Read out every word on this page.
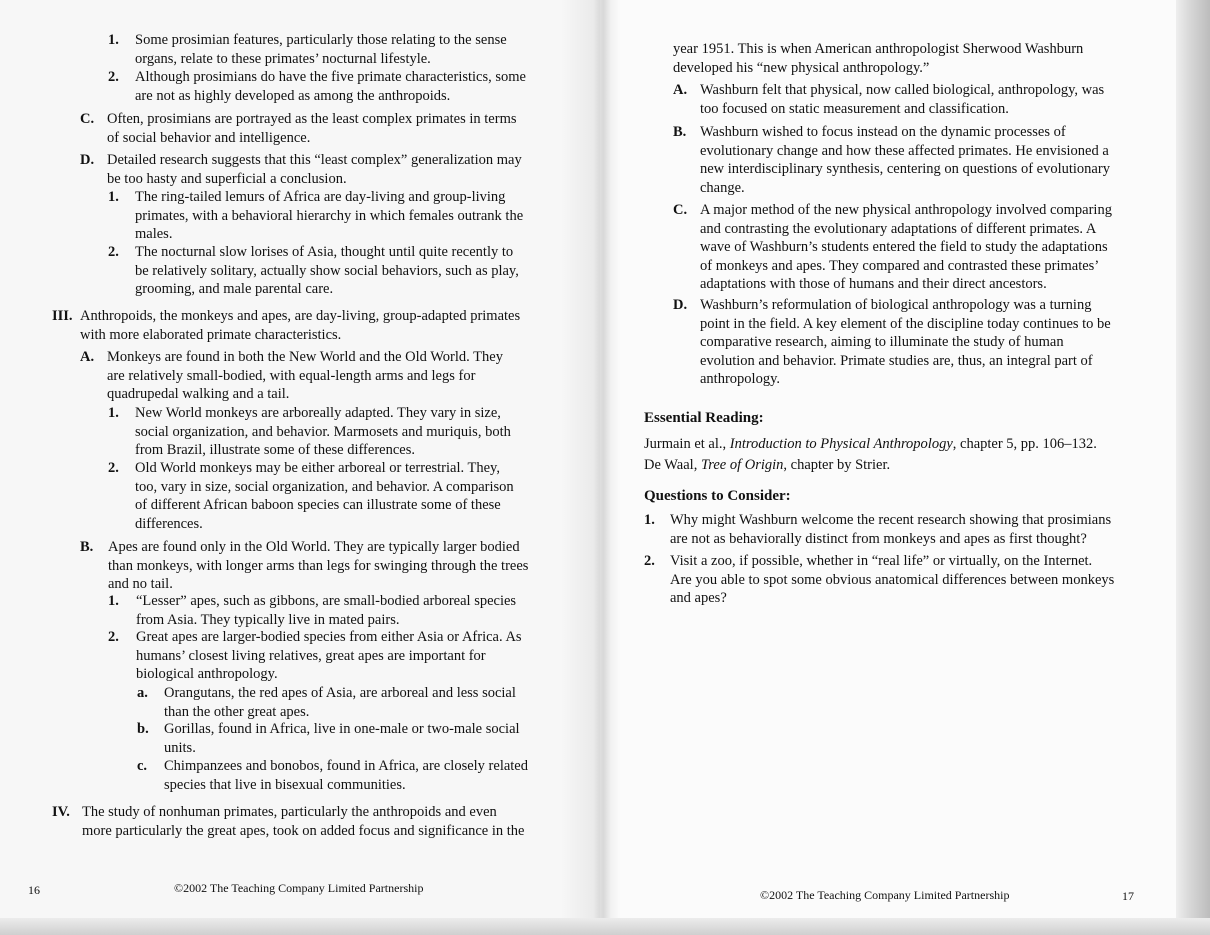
1. Some prosimian features, particularly those relating to the sense
organs, relate to these primates’ nocturnal lifestyle.
2. Although prosimians do have the five primate characteristics, some
are not as highly developed as among the anthropoids.
C. Often, prosimians are portrayed as the least complex primates in terms
of social behavior and intelligence.
D. Detailed research suggests that this “least complex” generalization may
be too hasty and superficial a conclusion.
1. The ring-tailed lemurs of Africa are day-living and group-living
primates, with a behavioral hierarchy in which females outrank the
males.
2. The nocturnal slow lorises of Asia, thought until quite recently to
be relatively solitary, actually show social behaviors, such as play,
grooming, and male parental care.
III. Anthropoids, the monkeys and apes, are day-living, group-adapted primates
with more elaborated primate characteristics.
A. Monkeys are found in both the New World and the Old World. They
are relatively small-bodied, with equal-length arms and legs for
quadrupedal walking and a tail.
1. New World monkeys are arboreally adapted. They vary in size,
social organization, and behavior. Marmosets and muriquis, both
from Brazil, illustrate some of these differences.
2. Old World monkeys may be either arboreal or terrestrial. They,
too, vary in size, social organization, and behavior. A comparison
of different African baboon species can illustrate some of these
differences.
B. Apes are found only in the Old World. They are typically larger bodied
than monkeys, with longer arms than legs for swinging through the trees
and no tail.
1. “Lesser” apes, such as gibbons, are small-bodied arboreal species
from Asia. They typically live in mated pairs.
2. Great apes are larger-bodied species from either Asia or Africa. As
humans’ closest living relatives, great apes are important for
biological anthropology.
a. Orangutans, the red apes of Asia, are arboreal and less social
than the other great apes.
b. Gorillas, found in Africa, live in one-male or two-male social
units.
c. Chimpanzees and bonobos, found in Africa, are closely related
species that live in bisexual communities.
IV. The study of nonhuman primates, particularly the anthropoids and even
more particularly the great apes, took on added focus and significance in the
16	©2002 The Teaching Company Limited Partnership
year 1951. This is when American anthropologist Sherwood Washburn
developed his “new physical anthropology.”
A. Washburn felt that physical, now called biological, anthropology, was
too focused on static measurement and classification.
B. Washburn wished to focus instead on the dynamic processes of
evolutionary change and how these affected primates. He envisioned a
new interdisciplinary synthesis, centering on questions of evolutionary
change.
C. A major method of the new physical anthropology involved comparing
and contrasting the evolutionary adaptations of different primates. A
wave of Washburn’s students entered the field to study the adaptations
of monkeys and apes. They compared and contrasted these primates’
adaptations with those of humans and their direct ancestors.
D. Washburn’s reformulation of biological anthropology was a turning
point in the field. A key element of the discipline today continues to be
comparative research, aiming to illuminate the study of human
evolution and behavior. Primate studies are, thus, an integral part of
anthropology.
Essential Reading:
Jurmain et al., Introduction to Physical Anthropology, chapter 5, pp. 106–132.
De Waal, Tree of Origin, chapter by Strier.
Questions to Consider:
1. Why might Washburn welcome the recent research showing that prosimians
are not as behaviorally distinct from monkeys and apes as first thought?
2. Visit a zoo, if possible, whether in “real life” or virtually, on the Internet.
Are you able to spot some obvious anatomical differences between monkeys
and apes?
©2002 The Teaching Company Limited Partnership	17
